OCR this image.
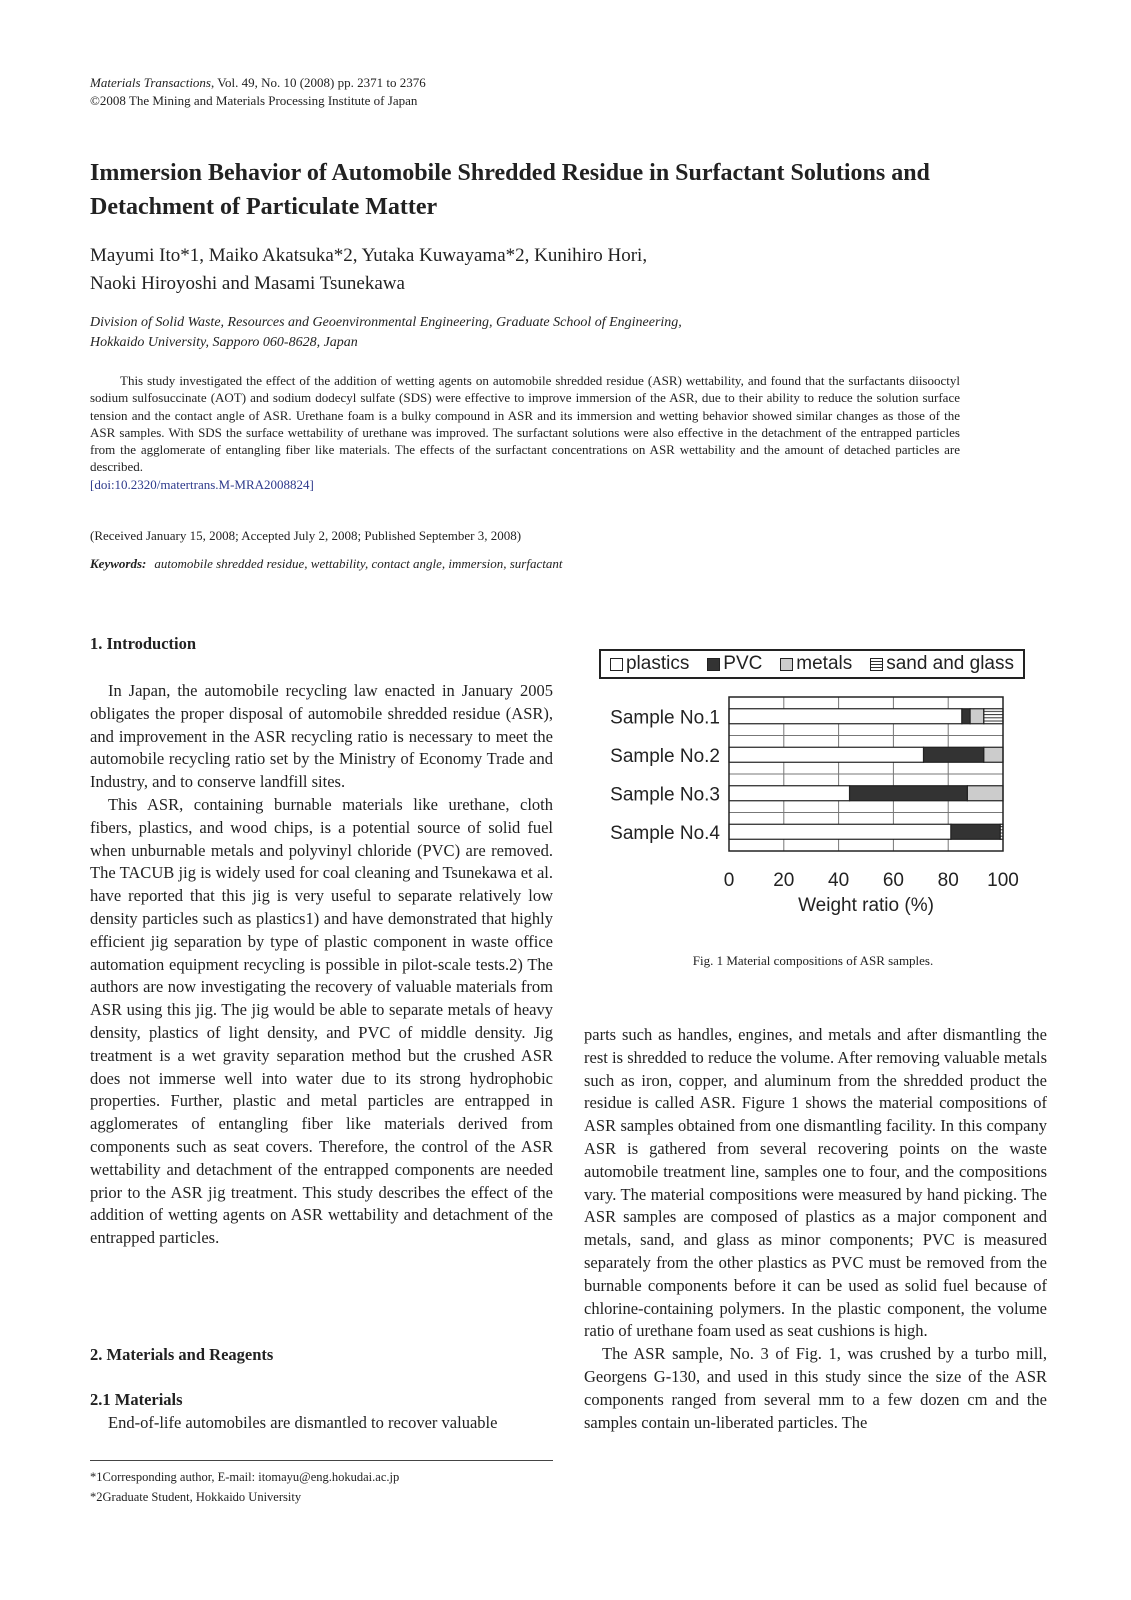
Materials Transactions, Vol. 49, No. 10 (2008) pp. 2371 to 2376
©2008 The Mining and Materials Processing Institute of Japan
Immersion Behavior of Automobile Shredded Residue in Surfactant Solutions and Detachment of Particulate Matter
Mayumi Ito*1, Maiko Akatsuka*2, Yutaka Kuwayama*2, Kunihiro Hori,
Naoki Hiroyoshi and Masami Tsunekawa
Division of Solid Waste, Resources and Geoenvironmental Engineering, Graduate School of Engineering,
Hokkaido University, Sapporo 060-8628, Japan
This study investigated the effect of the addition of wetting agents on automobile shredded residue (ASR) wettability, and found that the surfactants diisooctyl sodium sulfosuccinate (AOT) and sodium dodecyl sulfate (SDS) were effective to improve immersion of the ASR, due to their ability to reduce the solution surface tension and the contact angle of ASR. Urethane foam is a bulky compound in ASR and its immersion and wetting behavior showed similar changes as those of the ASR samples. With SDS the surface wettability of urethane was improved. The surfactant solutions were also effective in the detachment of the entrapped particles from the agglomerate of entangling fiber like materials. The effects of the surfactant concentrations on ASR wettability and the amount of detached particles are described.
[doi:10.2320/matertrans.M-MRA2008824]
(Received January 15, 2008; Accepted July 2, 2008; Published September 3, 2008)
Keywords: automobile shredded residue, wettability, contact angle, immersion, surfactant
1. Introduction

In Japan, the automobile recycling law enacted in January 2005 obligates the proper disposal of automobile shredded residue (ASR), and improvement in the ASR recycling ratio is necessary to meet the automobile recycling ratio set by the Ministry of Economy Trade and Industry, and to conserve landfill sites.

This ASR, containing burnable materials like urethane, cloth fibers, plastics, and wood chips, is a potential source of solid fuel when unburnable metals and polyvinyl chloride (PVC) are removed. The TACUB jig is widely used for coal cleaning and Tsunekawa et al. have reported that this jig is very useful to separate relatively low density particles such as plastics1) and have demonstrated that highly efficient jig separation by type of plastic component in waste office automation equipment recycling is possible in pilot-scale tests.2) The authors are now investigating the recovery of valuable materials from ASR using this jig. The jig would be able to separate metals of heavy density, plastics of light density, and PVC of middle density. Jig treatment is a wet gravity separation method but the crushed ASR does not immerse well into water due to its strong hydrophobic properties. Further, plastic and metal particles are entrapped in agglomerates of entangling fiber like materials derived from components such as seat covers. Therefore, the control of the ASR wettability and detachment of the entrapped components are needed prior to the ASR jig treatment. This study describes the effect of the addition of wetting agents on ASR wettability and detachment of the entrapped particles.

2. Materials and Reagents
2.1 Materials

End-of-life automobiles are dismantled to recover valuable

*1Corresponding author, E-mail: itomayu@eng.hokudai.ac.jp
*2Graduate Student, Hokkaido University

parts such as handles, engines, and metals and after dismantling the rest is shredded to reduce the volume. After removing valuable metals such as iron, copper, and aluminum from the shredded product the residue is called ASR. Figure 1 shows the material compositions of ASR samples obtained from one dismantling facility. In this company ASR is gathered from several recovering points on the waste automobile treatment line, samples one to four, and the compositions vary. The material compositions were measured by hand picking. The ASR samples are composed of plastics as a major component and metals, sand, and glass as minor components; PVC is measured separately from the other plastics as PVC must be removed from the burnable components before it can be used as solid fuel because of chlorine-containing polymers. In the plastic component, the volume ratio of urethane foam used as seat cushions is high.

The ASR sample, No. 3 of Fig. 1, was crushed by a turbo mill, Georgens G-130, and used in this study since the size of the ASR components ranged from several mm to a few dozen cm and the samples contain un-liberated particles. The

plastics PVC metals sand and glass
0 20 40 60 80 100
Sample No.1
Sample No.2
Sample No.3
Sample No.4
Weight ratio (%)
Fig. 1 Material compositions of ASR samples.
